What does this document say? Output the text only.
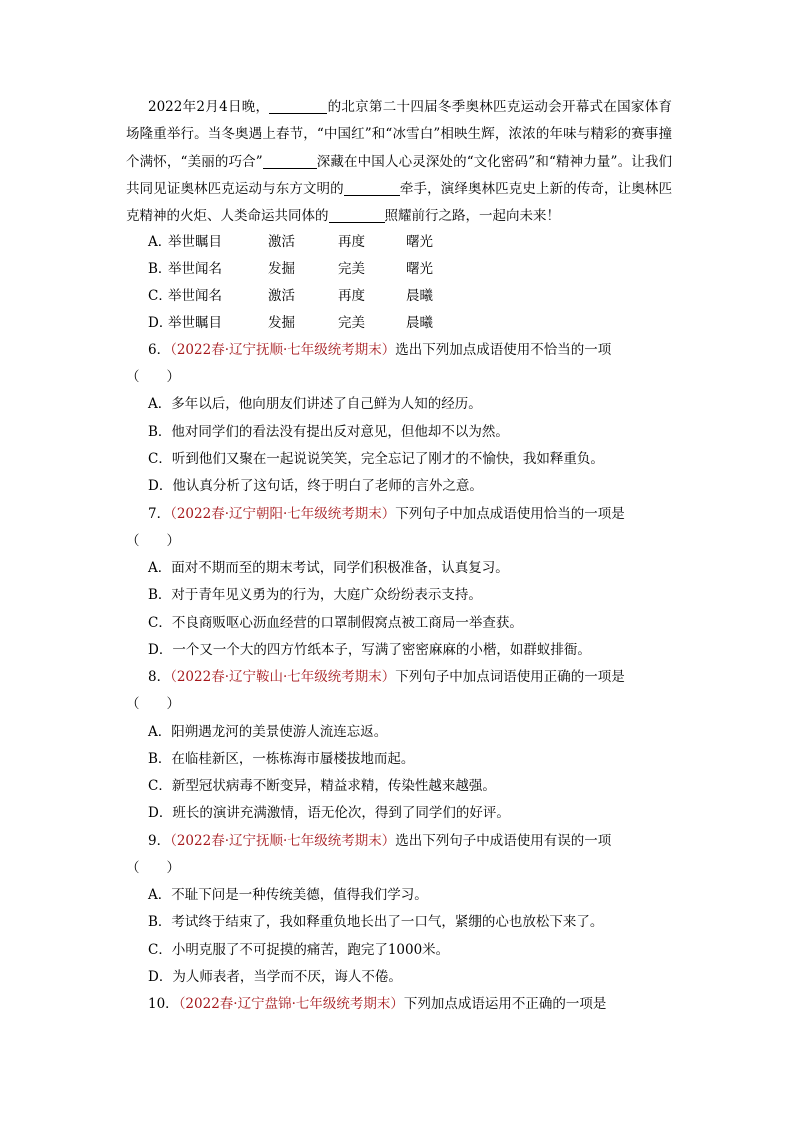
2022年2月4日晚，	的北京第二十四届冬季奥林匹克运动会开幕式在国家体育场隆重举行。当冬奥遇上春节，“中国红”和“冰雪白”相映生辉，浓浓的年味与精彩的赛事撞个满怀，“美丽的巧合”	深藏在中国人心灵深处的“文化密码”和“精神力量”。让我们共同见证奥林匹克运动与东方文明的	牵手，演绎奥林匹克史上新的传奇，让奥林匹克精神的火炬、人类命运共同体的	照耀前行之路，一起向未来！
A．
举世瞩目	激活	再度	曙光
B．
举世闻名	发掘	完美	曙光
C．
举世闻名	激活	再度	晨曦
D．
举世瞩目	发掘	完美	晨曦
6．（2022春·辽宁抚顺·七年级统考期末）选出下列加点成语使用不恰当的一项
（　　）
A．多年以后，他向朋友们讲述了自己鲜为人知的经历。
B．他对同学们的看法没有提出反对意见，但他却不以为然。
C．听到他们又聚在一起说说笑笑，完全忘记了刚才的不愉快，我如释重负。
D．他认真分析了这句话，终于明白了老师的言外之意。
7．（2022春·辽宁朝阳·七年级统考期末）下列句子中加点成语使用恰当的一项是
（　　）
A．面对不期而至的期末考试，同学们积极准备，认真复习。
B．对于青年见义勇为的行为，大庭广众纷纷表示支持。
C．不良商贩呕心沥血经营的口罩制假窝点被工商局一举查获。
D．一个又一个大的四方竹纸本子，写满了密密麻麻的小楷，如群蚁排衙。
8．（2022春·辽宁鞍山·七年级统考期末）下列句子中加点词语使用正确的一项是
（　　）
A．阳朔遇龙河的美景使游人流连忘返。
B．在临桂新区，一栋栋海市蜃楼拔地而起。
C．新型冠状病毒不断变异，精益求精，传染性越来越强。
D．班长的演讲充满激情，语无伦次，得到了同学们的好评。
9．（2022春·辽宁抚顺·七年级统考期末）选出下列句子中成语使用有误的一项
（　　）
A．不耻下问是一种传统美德，值得我们学习。
B．考试终于结束了，我如释重负地长出了一口气，紧绷的心也放松下来了。
C．小明克服了不可捉摸的痛苦，跑完了1000米。
D．为人师表者，当学而不厌，诲人不倦。
10．（2022春·辽宁盘锦·七年级统考期末）下列加点成语运用不正确的一项是
